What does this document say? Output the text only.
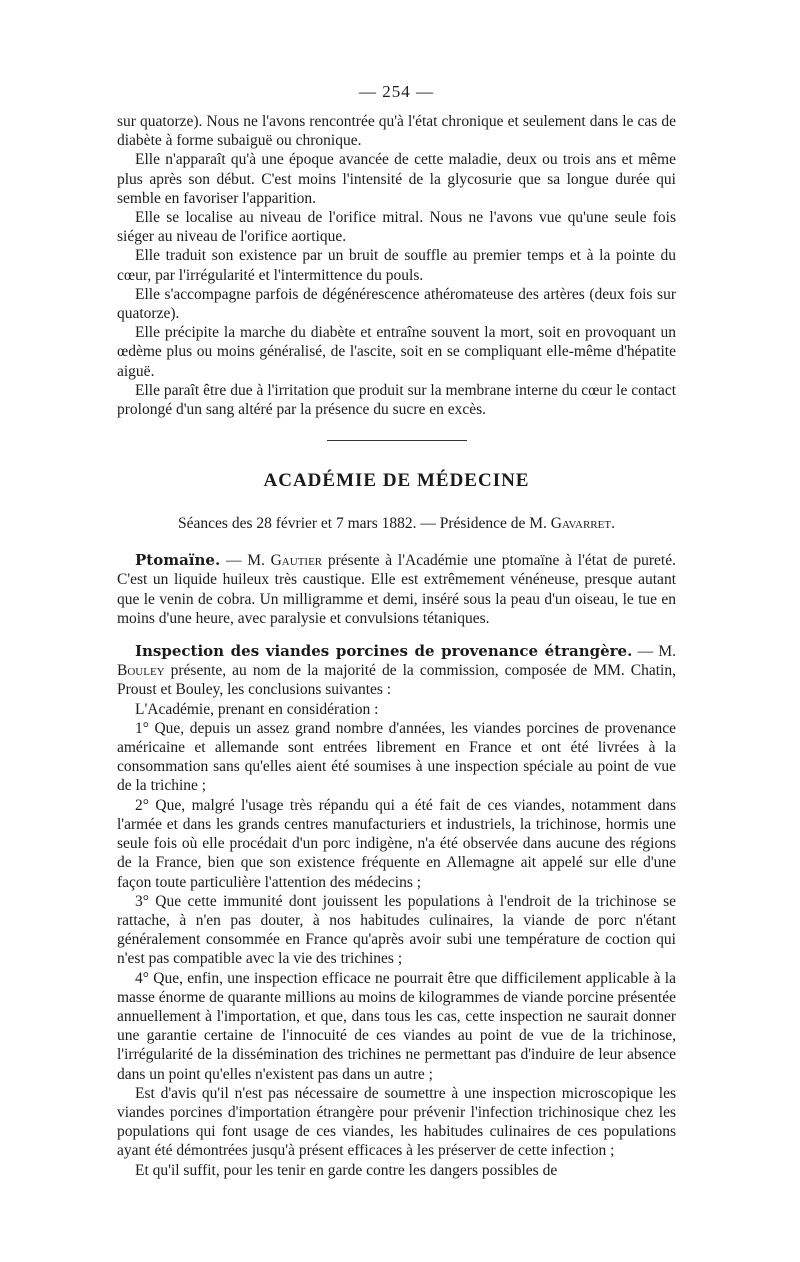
— 254 —

sur quatorze). Nous ne l'avons rencontrée qu'à l'état chronique et seulement dans le cas de diabète à forme subaiguë ou chronique.

Elle n'apparaît qu'à une époque avancée de cette maladie, deux ou trois ans et même plus après son début. C'est moins l'intensité de la glycosurie que sa longue durée qui semble en favoriser l'apparition.

Elle se localise au niveau de l'orifice mitral. Nous ne l'avons vue qu'une seule fois siéger au niveau de l'orifice aortique.

Elle traduit son existence par un bruit de souffle au premier temps et à la pointe du cœur, par l'irrégularité et l'intermittence du pouls.

Elle s'accompagne parfois de dégénérescence athéromateuse des artères (deux fois sur quatorze).

Elle précipite la marche du diabète et entraîne souvent la mort, soit en provoquant un œdème plus ou moins généralisé, de l'ascite, soit en se compliquant elle-même d'hépatite aiguë.

Elle paraît être due à l'irritation que produit sur la membrane interne du cœur le contact prolongé d'un sang altéré par la présence du sucre en excès.

ACADÉMIE DE MÉDECINE

Séances des 28 février et 7 mars 1882. — Présidence de M. Gavarret.

Ptomaïne. — M. Gautier présente à l'Académie une ptomaïne à l'état de pureté. C'est un liquide huileux très caustique. Elle est extrêmement vénéneuse, presque autant que le venin de cobra. Un milligramme et demi, inséré sous la peau d'un oiseau, le tue en moins d'une heure, avec paralysie et convulsions tétaniques.

Inspection des viandes porcines de provenance étrangère. — M. Bouley présente, au nom de la majorité de la commission, composée de MM. Chatin, Proust et Bouley, les conclusions suivantes :

L'Académie, prenant en considération :

1° Que, depuis un assez grand nombre d'années, les viandes porcines de provenance américaine et allemande sont entrées librement en France et ont été livrées à la consommation sans qu'elles aient été soumises à une inspection spéciale au point de vue de la trichine ;

2° Que, malgré l'usage très répandu qui a été fait de ces viandes, notamment dans l'armée et dans les grands centres manufacturiers et industriels, la trichinose, hormis une seule fois où elle procédait d'un porc indigène, n'a été observée dans aucune des régions de la France, bien que son existence fréquente en Allemagne ait appelé sur elle d'une façon toute particulière l'attention des médecins ;

3° Que cette immunité dont jouissent les populations à l'endroit de la trichinose se rattache, à n'en pas douter, à nos habitudes culinaires, la viande de porc n'étant généralement consommée en France qu'après avoir subi une température de coction qui n'est pas compatible avec la vie des trichines ;

4° Que, enfin, une inspection efficace ne pourrait être que difficilement applicable à la masse énorme de quarante millions au moins de kilogrammes de viande porcine présentée annuellement à l'importation, et que, dans tous les cas, cette inspection ne saurait donner une garantie certaine de l'innocuité de ces viandes au point de vue de la trichinose, l'irrégularité de la dissémination des trichines ne permettant pas d'induire de leur absence dans un point qu'elles n'existent pas dans un autre ;

Est d'avis qu'il n'est pas nécessaire de soumettre à une inspection microscopique les viandes porcines d'importation étrangère pour prévenir l'infection trichinosique chez les populations qui font usage de ces viandes, les habitudes culinaires de ces populations ayant été démontrées jusqu'à présent efficaces à les préserver de cette infection ;

Et qu'il suffit, pour les tenir en garde contre les dangers possibles de
